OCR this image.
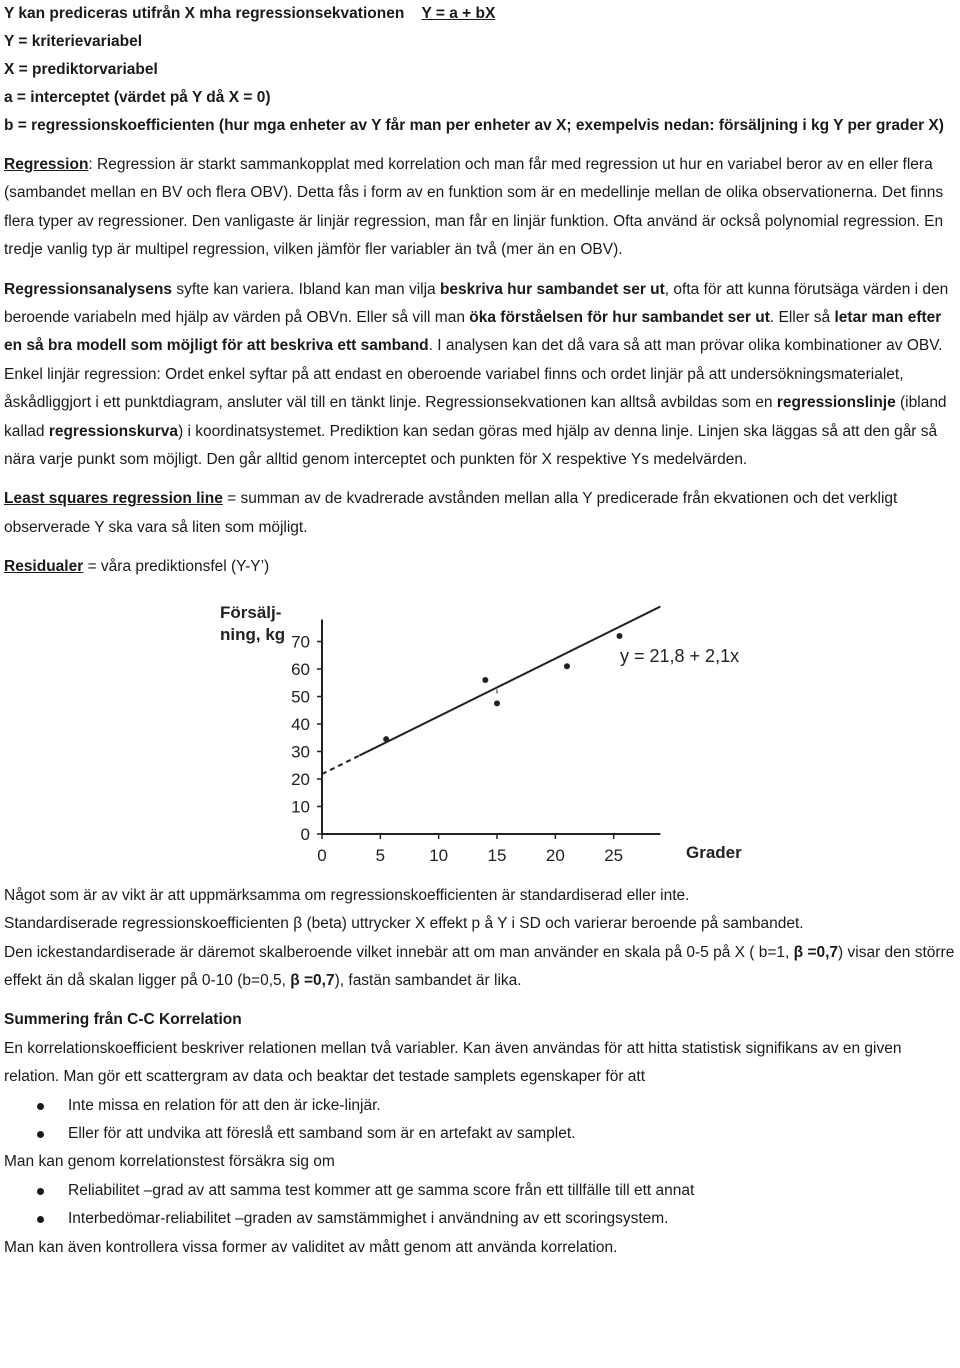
Y kan prediceras utifrån X mha regressionsekvationen Y = a + bX
Y = kriterievariabel
X = prediktorvariabel
a = interceptet (värdet på Y då X = 0)
b = regressionskoefficienten (hur mga enheter av Y får man per enheter av X; exempelvis nedan: försäljning i kg Y per grader X)

Regression: Regression är starkt sammankopplat med korrelation och man får med regression ut hur en variabel beror av en eller flera (sambandet mellan en BV och flera OBV). Detta fås i form av en funktion som är en medellinje mellan de olika observationerna. Det finns flera typer av regressioner. Den vanligaste är linjär regression, man får en linjär funktion. Ofta använd är också polynomial regression. En tredje vanlig typ är multipel regression, vilken jämför fler variabler än två (mer än en OBV).

Regressionsanalysens syfte kan variera. Ibland kan man vilja beskriva hur sambandet ser ut, ofta för att kunna förutsäga värden i den beroende variabeln med hjälp av värden på OBVn. Eller så vill man öka förståelsen för hur sambandet ser ut. Eller så letar man efter en så bra modell som möjligt för att beskriva ett samband. I analysen kan det då vara så att man prövar olika kombinationer av OBV.

Enkel linjär regression: Ordet enkel syftar på att endast en oberoende variabel finns och ordet linjär på att undersökningsmaterialet, åskådliggjort i ett punktdiagram, ansluter väl till en tänkt linje. Regressionsekvationen kan alltså avbildas som en regressionslinje (ibland kallad regressionskurva) i koordinatsystemet. Prediktion kan sedan göras med hjälp av denna linje. Linjen ska läggas så att den går så nära varje punkt som möjligt. Den går alltid genom interceptet och punkten för X respektive Ys medelvärden.

Least squares regression line = summan av de kvadrerade avstånden mellan alla Y predicerade från ekvationen och det verkligt observerade Y ska vara så liten som möjligt.

Residualer = våra prediktionsfel (Y-Y’)

Försälj-
ning, kg
Grader
y = 21,8 + 2,1x
0
10
20
30
40
50
60
70
0	5	10 15 20 25

Något som är av vikt är att uppmärksamma om regressionskoefficienten är standardiserad eller inte.

Standardiserade regressionskoefficienten β (beta) uttrycker X effekt p å Y i SD och varierar beroende på sambandet.

Den ickestandardiserade är däremot skalberoende vilket innebär att om man använder en skala på 0-5 på X ( b=1, β =0,7) visar den större effekt än då skalan ligger på 0-10 (b=0,5, β =0,7), fastän sambandet är lika.

Summering från C-C Korrelation

En korrelationskoefficient beskriver relationen mellan två variabler. Kan även användas för att hitta statistisk signifikans av en given relation. Man gör ett scattergram av data och beaktar det testade samplets egenskaper för att

Inte missa en relation för att den är icke-linjär.
Eller för att undvika att föreslå ett samband som är en artefakt av samplet.

Man kan genom korrelationstest försäkra sig om

Reliabilitet –grad av att samma test kommer att ge samma score från ett tillfälle till ett annat
Interbedömar-reliabilitet –graden av samstämmighet i användning av ett scoringsystem.

Man kan även kontrollera vissa former av validitet av mått genom att använda korrelation.
